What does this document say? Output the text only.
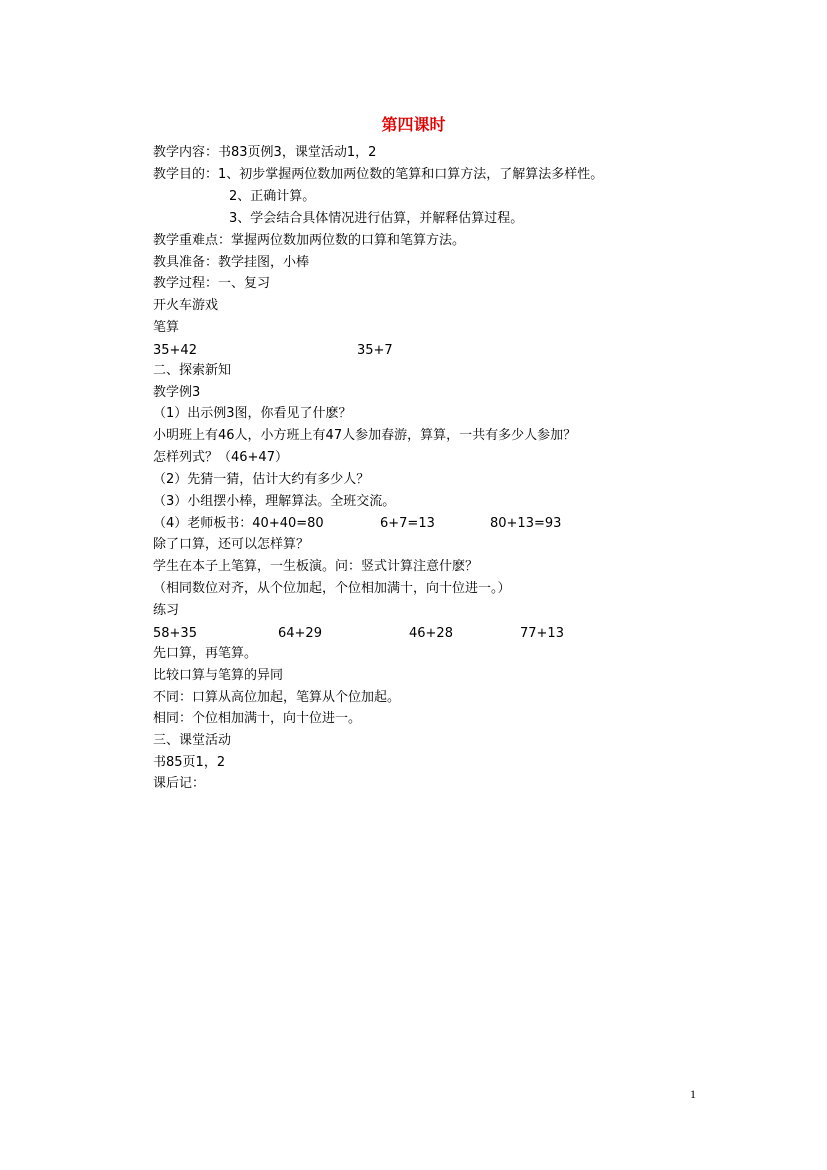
第四课时
教学内容：书83页例3，课堂活动1，2
教学目的：1、初步掌握两位数加两位数的笔算和口算方法，了解算法多样性。
2、正确计算。
3、学会结合具体情况进行估算，并解释估算过程。
教学重难点：掌握两位数加两位数的口算和笔算方法。
教具准备：教学挂图，小棒
教学过程：一、复习
开火车游戏
笔算
35+42	35+7
二、探索新知
教学例3
（1）出示例3图，你看见了什麽？
小明班上有46人，小方班上有47人参加春游，算算，一共有多少人参加？
怎样列式？（46+47）
（2）先猜一猜，估计大约有多少人？
（3）小组摆小棒，理解算法。全班交流。
（4）老师板书：40+40=80	6+7=13	80+13=93
除了口算，还可以怎样算？
学生在本子上笔算，一生板演。问：竖式计算注意什麽？
（相同数位对齐，从个位加起，个位相加满十，向十位进一。）
练习
58+35	64+29	46+28	77+13
先口算，再笔算。
比较口算与笔算的异同
不同：口算从高位加起，笔算从个位加起。
相同：个位相加满十，向十位进一。
三、课堂活动
书85页1，2
课后记：
1
